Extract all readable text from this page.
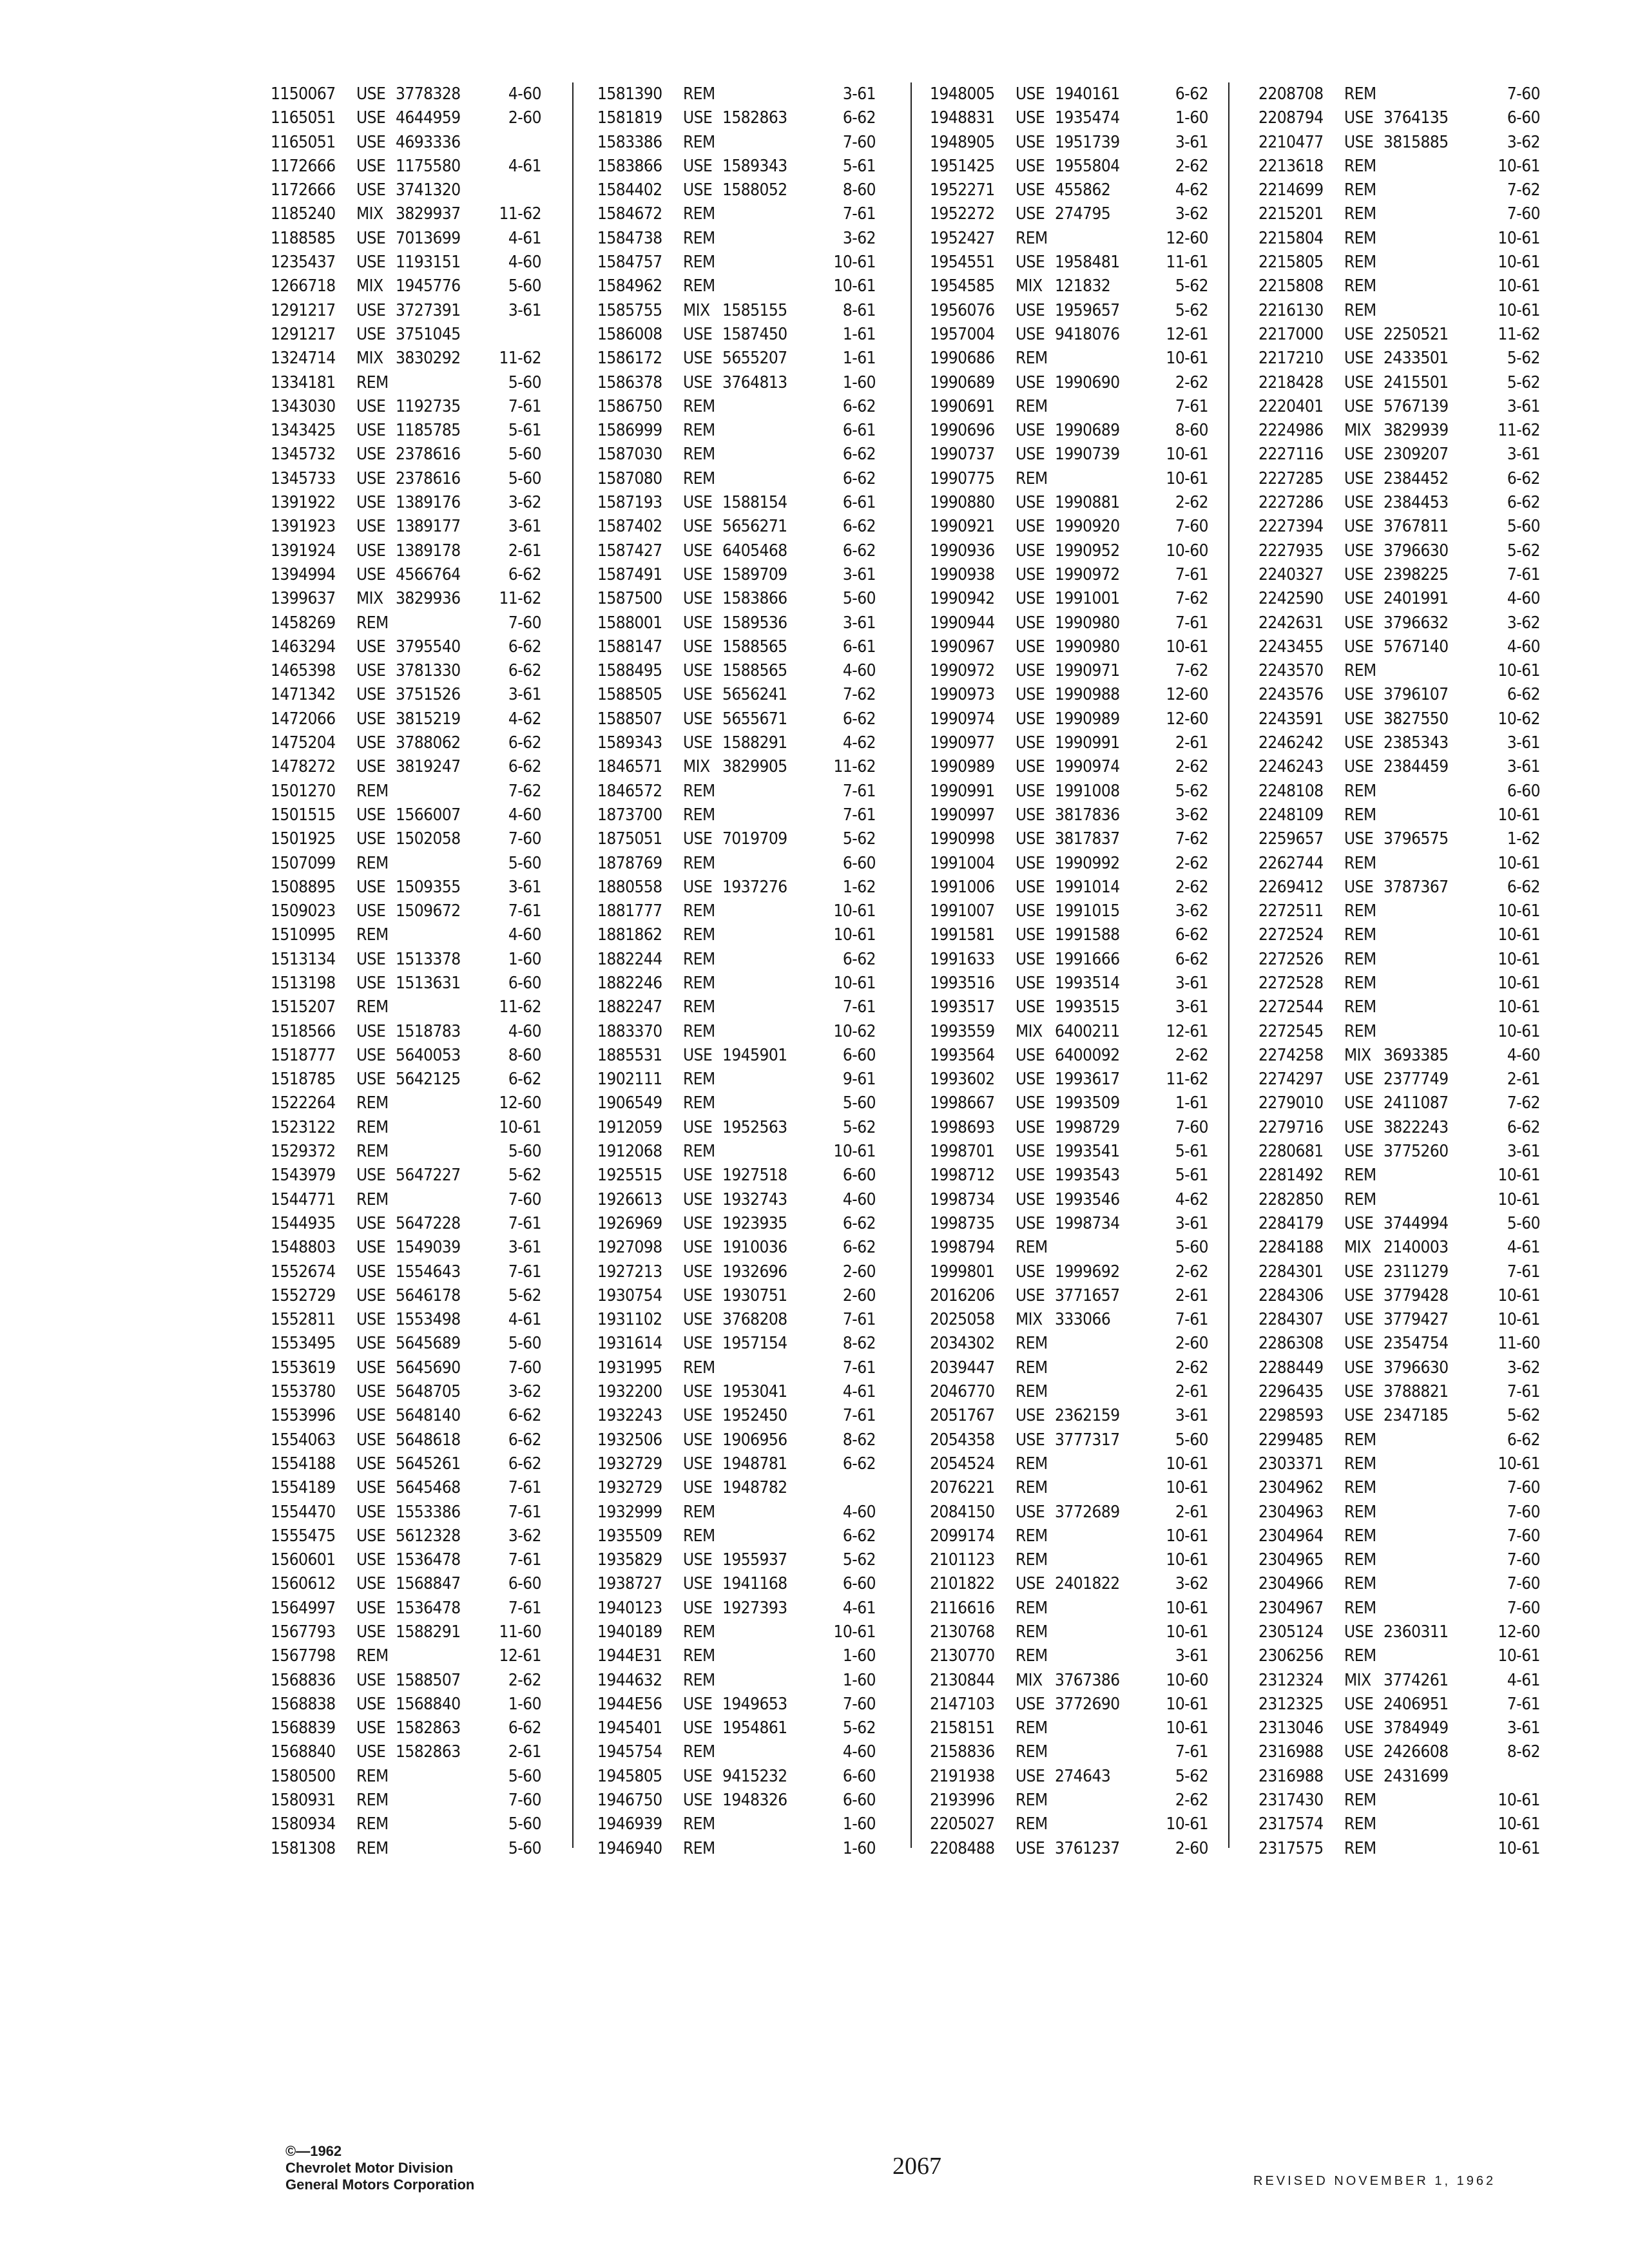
1150067 USE 3778328	4-60
1165051 USE 4644959	2-60
1165051 USE 4693336
1172666 USE 1175580	4-61
1172666 USE 3741320
1185240 MIX 3829937 11-62
1188585 USE 7013699	4-61
1235437 USE 1193151	4-60
1266718 MIX 1945776	5-60
1291217 USE 3727391	3-61
1291217 USE 3751045
1324714 MIX 3830292 11-62
1334181 REM	5-60
1343030 USE 1192735	7-61
1343425 USE 1185785	5-61
1345732 USE 2378616	5-60
1345733 USE 2378616	5-60
1391922 USE 1389176	3-62
1391923 USE 1389177	3-61
1391924 USE 1389178	2-61
1394994 USE 4566764	6-62
1399637 MIX 3829936 11-62
1458269 REM	7-60
1463294 USE 3795540	6-62
1465398 USE 3781330	6-62
1471342 USE 3751526	3-61
1472066 USE 3815219	4-62
1475204 USE 3788062	6-62
1478272 USE 3819247	6-62
1501270 REM	7-62
1501515 USE 1566007	4-60
1501925 USE 1502058	7-60
1507099 REM	5-60
1508895 USE 1509355	3-61
1509023 USE 1509672	7-61
1510995 REM	4-60
1513134 USE 1513378	1-60
1513198 USE 1513631	6-60
1515207 REM	11-62
1518566 USE 1518783	4-60
1518777 USE 5640053	8-60
1518785 USE 5642125	6-62
1522264 REM	12-60
1523122 REM	10-61
1529372 REM	5-60
1543979 USE 5647227	5-62
1544771 REM	7-60
1544935 USE 5647228	7-61
1548803 USE 1549039	3-61
1552674 USE 1554643	7-61
1552729 USE 5646178	5-62
1552811 USE 1553498	4-61
1553495 USE 5645689	5-60
1553619 USE 5645690	7-60
1553780 USE 5648705	3-62
1553996 USE 5648140	6-62
1554063 USE 5648618	6-62
1554188 USE 5645261	6-62
1554189 USE 5645468	7-61
1554470 USE 1553386	7-61
1555475 USE 5612328	3-62
1560601 USE 1536478	7-61
1560612 USE 1568847	6-60
1564997 USE 1536478	7-61
1567793 USE 1588291 11-60
1567798 REM	12-61
1568836 USE 1588507	2-62
1568838 USE 1568840	1-60
1568839 USE 1582863	6-62
1568840 USE 1582863	2-61
1580500 REM	5-60
1580931 REM	7-60
1580934 REM	5-60
1581308 REM	5-60
1581390 REM	3-61
1581819 USE 1582863	6-62
1583386 REM	7-60
1583866 USE 1589343	5-61
1584402 USE 1588052	8-60
1584672 REM	7-61
1584738 REM	3-62
1584757 REM	10-61
1584962 REM	10-61
1585755 MIX 1585155	8-61
1586008 USE 1587450	1-61
1586172 USE 5655207	1-61
1586378 USE 3764813	1-60
1586750 REM	6-62
1586999 REM	6-61
1587030 REM	6-62
1587080 REM	6-62
1587193 USE 1588154	6-61
1587402 USE 5656271	6-62
1587427 USE 6405468	6-62
1587491 USE 1589709	3-61
1587500 USE 1583866	5-60
1588001 USE 1589536	3-61
1588147 USE 1588565	6-61
1588495 USE 1588565	4-60
1588505 USE 5656241	7-62
1588507 USE 5655671	6-62
1589343 USE 1588291	4-62
1846571 MIX 3829905	11-62
1846572 REM	7-61
1873700 REM	7-61
1875051 USE 7019709	5-62
1878769 REM	6-60
1880558 USE 1937276	1-62
1881777 REM	10-61
1881862 REM	10-61
1882244 REM	6-62
1882246 REM	10-61
1882247 REM	7-61
1883370 REM	10-62
1885531 USE 1945901	6-60
1902111 REM	9-61
1906549 REM	5-60
1912059 USE 1952563	5-62
1912068 REM	10-61
1925515 USE 1927518	6-60
1926613 USE 1932743	4-60
1926969 USE 1923935	6-62
1927098 USE 1910036	6-62
1927213 USE 1932696	2-60
1930754 USE 1930751	2-60
1931102 USE 3768208	7-61
1931614 USE 1957154	8-62
1931995 REM	7-61
1932200 USE 1953041	4-61
1932243 USE 1952450	7-61
1932506 USE 1906956	8-62
1932729 USE 1948781	6-62
1932729 USE 1948782
1932999 REM	4-60
1935509 REM	6-62
1935829 USE 1955937	5-62
1938727 USE 1941168	6-60
1940123 USE 1927393	4-61
1940189 REM	10-61
1944E31 REM	1-60
1944632 REM	1-60
1944E56 USE 1949653	7-60
1945401 USE 1954861	5-62
1945754 REM	4-60
1945805 USE 9415232	6-60
1946750 USE 1948326	6-60
1946939 REM	1-60
1946940 REM	1-60
1948005 USE 1940161	6-62
1948831 USE 1935474	1-60
1948905 USE 1951739	3-61
1951425 USE 1955804	2-62
1952271 USE 455862	4-62
1952272 USE 274795	3-62
1952427 REM	12-60
1954551 USE 1958481	11-61
1954585 MIX 121832	5-62
1956076 USE 1959657	5-62
1957004 USE 9418076	12-61
1990686 REM	10-61
1990689 USE 1990690	2-62
1990691 REM	7-61
1990696 USE 1990689	8-60
1990737 USE 1990739	10-61
1990775 REM	10-61
1990880 USE 1990881	2-62
1990921 USE 1990920	7-60
1990936 USE 1990952	10-60
1990938 USE 1990972	7-61
1990942 USE 1991001	7-62
1990944 USE 1990980	7-61
1990967 USE 1990980	10-61
1990972 USE 1990971	7-62
1990973 USE 1990988	12-60
1990974 USE 1990989	12-60
1990977 USE 1990991	2-61
1990989 USE 1990974	2-62
1990991 USE 1991008	5-62
1990997 USE 3817836	3-62
1990998 USE 3817837	7-62
1991004 USE 1990992	2-62
1991006 USE 1991014	2-62
1991007 USE 1991015	3-62
1991581 USE 1991588	6-62
1991633 USE 1991666	6-62
1993516 USE 1993514	3-61
1993517 USE 1993515	3-61
1993559 MIX 6400211	12-61
1993564 USE 6400092	2-62
1993602 USE 1993617	11-62
1998667 USE 1993509	1-61
1998693 USE 1998729	7-60
1998701 USE 1993541	5-61
1998712 USE 1993543	5-61
1998734 USE 1993546	4-62
1998735 USE 1998734	3-61
1998794 REM	5-60
1999801 USE 1999692	2-62
2016206 USE 3771657	2-61
2025058 MIX 333066	7-61
2034302 REM	2-60
2039447 REM	2-62
2046770 REM	2-61
2051767 USE 2362159	3-61
2054358 USE 3777317	5-60
2054524 REM	10-61
2076221 REM	10-61
2084150 USE 3772689	2-61
2099174 REM	10-61
2101123 REM	10-61
2101822 USE 2401822	3-62
2116616 REM	10-61
2130768 REM	10-61
2130770 REM	3-61
2130844 MIX 3767386	10-60
2147103 USE 3772690	10-61
2158151 REM	10-61
2158836 REM	7-61
2191938 USE 274643	5-62
2193996 REM	2-62
2205027 REM	10-61
2208488 USE 3761237	2-60
2208708 REM	7-60
2208794 USE 3764135	6-60
2210477 USE 3815885	3-62
2213618 REM	10-61
2214699 REM	7-62
2215201 REM	7-60
2215804 REM	10-61
2215805 REM	10-61
2215808 REM	10-61
2216130 REM	10-61
2217000 USE 2250521	11-62
2217210 USE 2433501	5-62
2218428 USE 2415501	5-62
2220401 USE 5767139	3-61
2224986 MIX 3829939	11-62
2227116 USE 2309207	3-61
2227285 USE 2384452	6-62
2227286 USE 2384453	6-62
2227394 USE 3767811	5-60
2227935 USE 3796630	5-62
2240327 USE 2398225	7-61
2242590 USE 2401991	4-60
2242631 USE 3796632	3-62
2243455 USE 5767140	4-60
2243570 REM	10-61
2243576 USE 3796107	6-62
2243591 USE 3827550	10-62
2246242 USE 2385343	3-61
2246243 USE 2384459	3-61
2248108 REM	6-60
2248109 REM	10-61
2259657 USE 3796575	1-62
2262744 REM	10-61
2269412 USE 3787367	6-62
2272511 REM	10-61
2272524 REM	10-61
2272526 REM	10-61
2272528 REM	10-61
2272544 REM	10-61
2272545 REM	10-61
2274258 MIX 3693385	4-60
2274297 USE 2377749	2-61
2279010 USE 2411087	7-62
2279716 USE 3822243	6-62
2280681 USE 3775260	3-61
2281492 REM	10-61
2282850 REM	10-61
2284179 USE 3744994	5-60
2284188 MIX 2140003	4-61
2284301 USE 2311279	7-61
2284306 USE 3779428	10-61
2284307 USE 3779427	10-61
2286308 USE 2354754	11-60
2288449 USE 3796630	3-62
2296435 USE 3788821	7-61
2298593 USE 2347185	5-62
2299485 REM	6-62
2303371 REM	10-61
2304962 REM	7-60
2304963 REM	7-60
2304964 REM	7-60
2304965 REM	7-60
2304966 REM	7-60
2304967 REM	7-60
2305124 USE 2360311	12-60
2306256 REM	10-61
2312324 MIX 3774261	4-61
2312325 USE 2406951	7-61
2313046 USE 3784949	3-61
2316988 USE 2426608	8-62
2316988 USE 2431699
2317430 REM	10-61
2317574 REM	10-61
2317575 REM	10-61
©—1962
Chevrolet Motor Division
General Motors Corporation
2067
REVISED NOVEMBER 1, 1962
